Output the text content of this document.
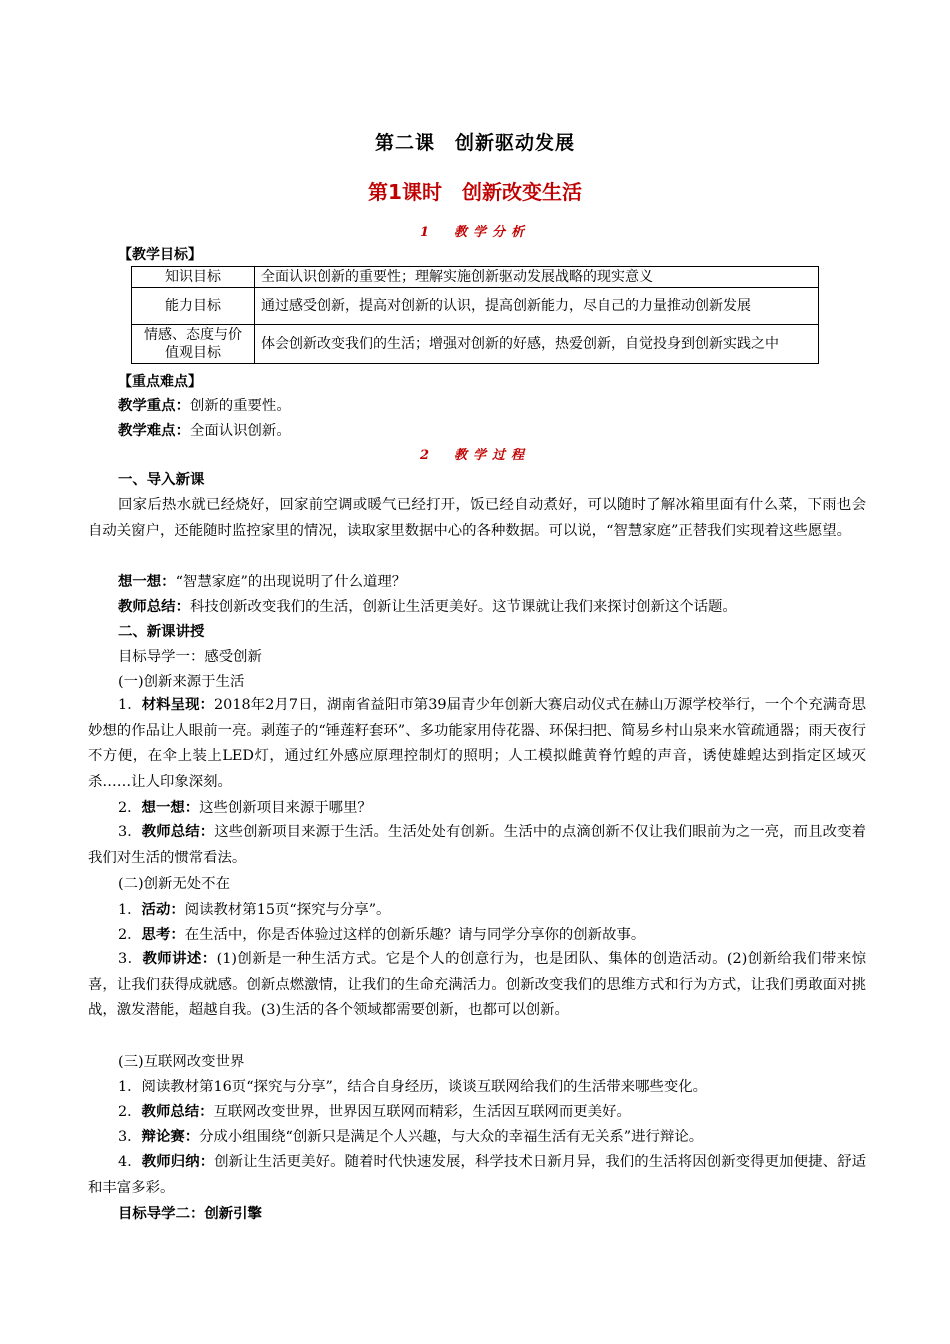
第二课　创新驱动发展
第1课时　创新改变生活
1　教学分析
【教学目标】
知识目标	全面认识创新的重要性；理解实施创新驱动发展战略的现实意义
能力目标	通过感受创新，提高对创新的认识，提高创新能力，尽自己的力量推动创新发展
情感、态度与价值观目标	体会创新改变我们的生活；增强对创新的好感，热爱创新，自觉投身到创新实践之中
【重点难点】
教学重点：创新的重要性。
教学难点：全面认识创新。
2　教学过程
一、导入新课
回家后热水就已经烧好，回家前空调或暖气已经打开，饭已经自动煮好，可以随时了解冰箱里面有什么菜，下雨也会自动关窗户，还能随时监控家里的情况，读取家里数据中心的各种数据。可以说，“智慧家庭”正替我们实现着这些愿望。
想一想：“智慧家庭”的出现说明了什么道理？
教师总结：科技创新改变我们的生活，创新让生活更美好。这节课就让我们来探讨创新这个话题。
二、新课讲授
目标导学一：感受创新
(一)创新来源于生活
1．材料呈现：2018年2月7日，湖南省益阳市第39届青少年创新大赛启动仪式在赫山万源学校举行，一个个充满奇思妙想的作品让人眼前一亮。剥莲子的“锤莲籽套环”、多功能家用侍花器、环保扫把、简易乡村山泉来水管疏通器；雨天夜行不方便，在伞上装上LED灯，通过红外感应原理控制灯的照明；人工模拟雌黄脊竹蝗的声音，诱使雄蝗达到指定区域灭杀……让人印象深刻。
2．想一想：这些创新项目来源于哪里？
3．教师总结：这些创新项目来源于生活。生活处处有创新。生活中的点滴创新不仅让我们眼前为之一亮，而且改变着我们对生活的惯常看法。
(二)创新无处不在
1．活动：阅读教材第15页“探究与分享”。
2．思考：在生活中，你是否体验过这样的创新乐趣？请与同学分享你的创新故事。
3．教师讲述：(1)创新是一种生活方式。它是个人的创意行为，也是团队、集体的创造活动。(2)创新给我们带来惊喜，让我们获得成就感。创新点燃激情，让我们的生命充满活力。创新改变我们的思维方式和行为方式，让我们勇敢面对挑战，激发潜能，超越自我。(3)生活的各个领域都需要创新，也都可以创新。
(三)互联网改变世界
1．阅读教材第16页“探究与分享”，结合自身经历，谈谈互联网给我们的生活带来哪些变化。
2．教师总结：互联网改变世界，世界因互联网而精彩，生活因互联网而更美好。
3．辩论赛：分成小组围绕“创新只是满足个人兴趣，与大众的幸福生活有无关系”进行辩论。
4．教师归纳：创新让生活更美好。随着时代快速发展，科学技术日新月异，我们的生活将因创新变得更加便捷、舒适和丰富多彩。
目标导学二：创新引擎
